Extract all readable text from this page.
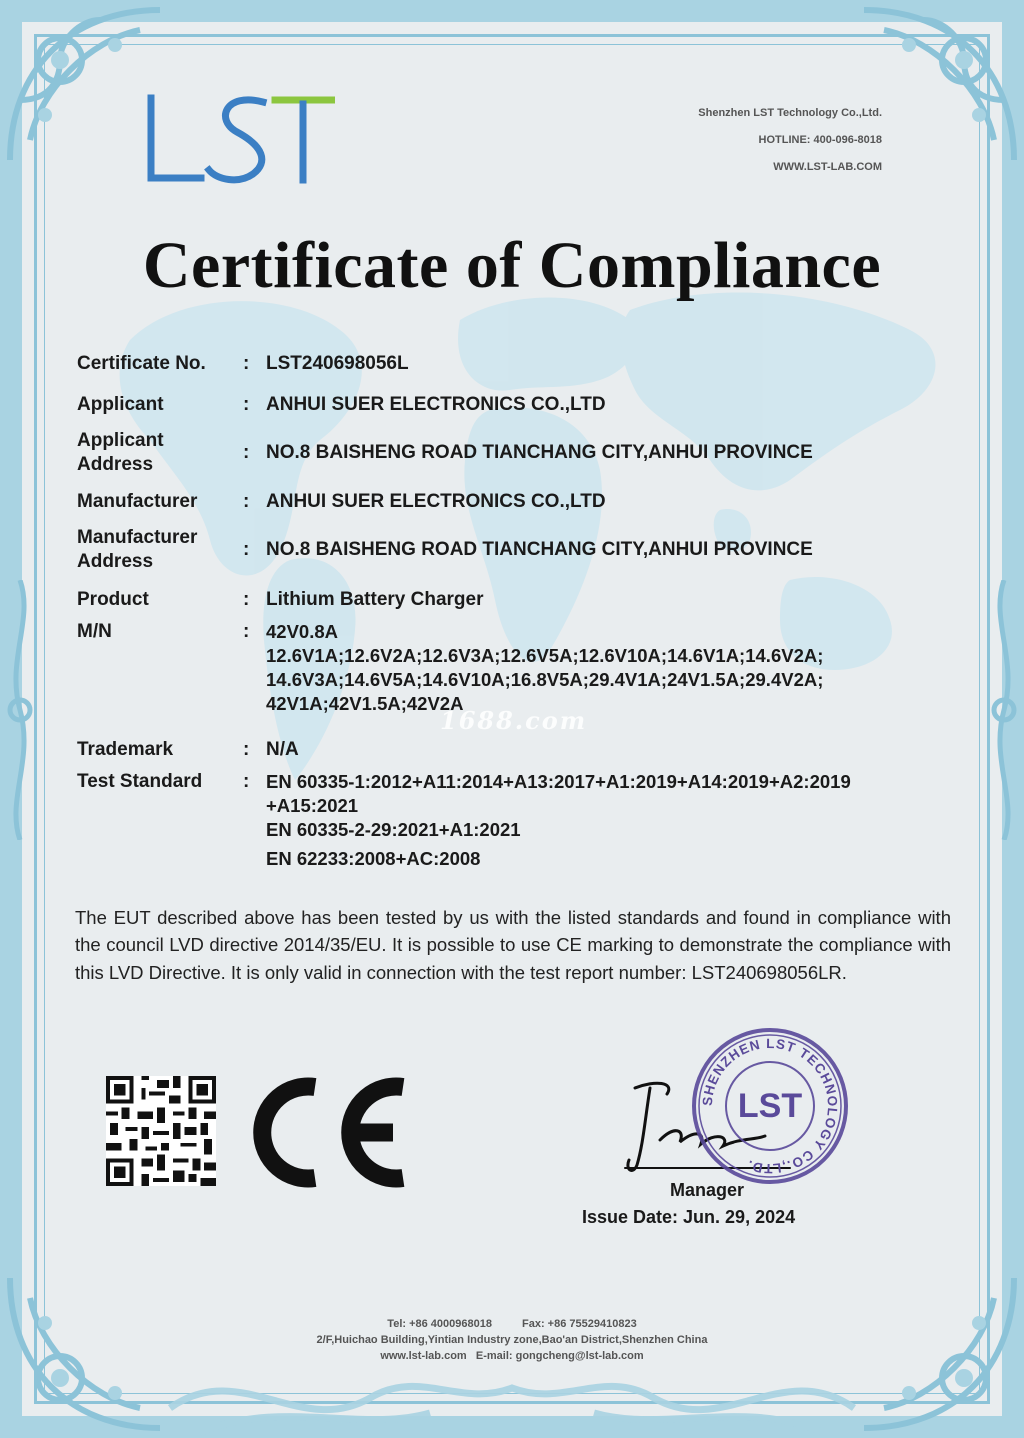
Shenzhen LST Technology Co.,Ltd.
HOTLINE: 400-096-8018
WWW.LST-LAB.COM
Certificate of Compliance
Certificate No.	: LST240698056L
Applicant	: ANHUI SUER ELECTRONICS CO.,LTD
Applicant
Address
: NO.8 BAISHENG ROAD TIANCHANG CITY,ANHUI PROVINCE
Manufacturer	: ANHUI SUER ELECTRONICS CO.,LTD
Manufacturer
Address
: NO.8 BAISHENG ROAD TIANCHANG CITY,ANHUI PROVINCE
Product	: Lithium Battery Charger
M/N	: 42V0.8A
12.6V1A;12.6V2A;12.6V3A;12.6V5A;12.6V10A;14.6V1A;14.6V2A;
14.6V3A;14.6V5A;14.6V10A;16.8V5A;29.4V1A;24V1.5A;29.4V2A;
42V1A;42V1.5A;42V2A
Trademark	: N/A
Test Standard	: EN 60335-1:2012+A11:2014+A13:2017+A1:2019+A14:2019+A2:2019
+A15:2021
EN 60335-2-29:2021+A1:2021
EN 62233:2008+AC:2008
1688.com
The EUT described above has been tested by us with the listed standards and found in compliance with the council LVD directive 2014/35/EU. It is possible to use CE marking to demonstrate the compliance with this LVD Directive. It is only valid in connection with the test report number: LST240698056LR.
SHENZHEN LST TECHNOLOGY CO.,LTD.
LST
Manager
Issue Date: Jun. 29, 2024
Tel: +86 4000968018	Fax: +86 75529410823
2/F,Huichao Building,Yintian Industry zone,Bao'an District,Shenzhen China
www.lst-lab.com E-mail: gongcheng@lst-lab.com
